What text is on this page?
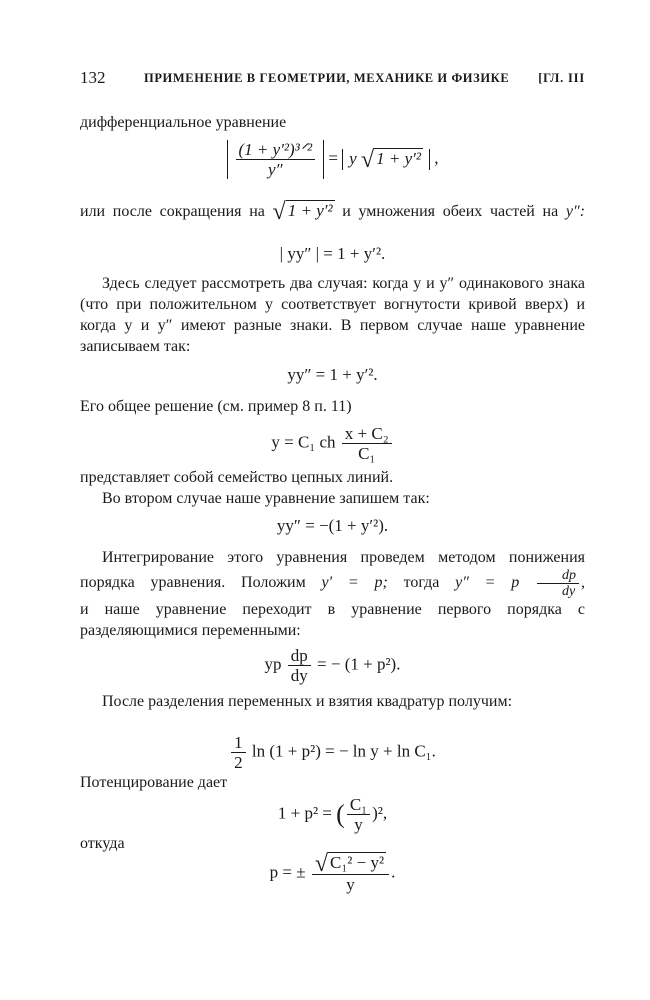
132	ПРИМЕНЕНИЕ В ГЕОМЕТРИИ, МЕХАНИКЕ И ФИЗИКЕ [ГЛ. III
дифференциальное уравнение
$\frac{\text{(1 + y′²)³ᐟ²}}{y''} = y$ √ 1 + y′² ,
или после сокращения на √ 1 + y′² и умножения обеих частей на y″:
| yy″ | = 1 + y′².
Здесь следует рассмотреть два случая: когда y и y″ одинакового знака (что при положительном y соответствует вогнутости кривой вверх) и когда y и y″ имеют разные знаки. В первом случае наше уравнение записываем так:
yy″ = 1 + y′².
Его общее решение (см. пример 8 п. 11)
y = C₁ ch $\frac{\text{x + C₂}}{\text{C₁}}$
представляет собой семейство цепных линий.
Во втором случае наше уравнение запишем так:
yy″ = −(1 + y′²).
Интегрирование этого уравнения проведем методом понижения порядка уравнения. Положим y′ = p; тогда y″ = p $\frac{dp}{dy}$ ,
и наше уравнение переходит в уравнение первого порядка с разделяющимися переменными:
yp $\frac{dp}{dy}$ = − (1 + p²).
После разделения переменных и взятия квадратур получим:
$\frac{1}{2}$ ln (1 + p²) = − ln y + ln C₁.
Потенцирование дает
1 + p² = ( $\frac{\text{C₁}}{y} )^2$,
откуда
p = ± $\frac{\text{√ C₁² − y²}}{y}$ .
